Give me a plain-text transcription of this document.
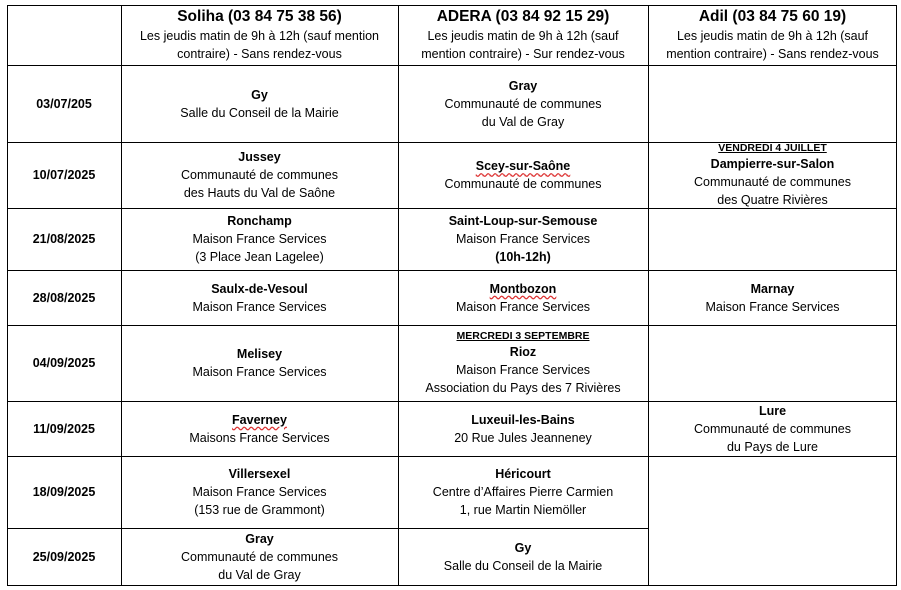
Soliha (03 84 75 38 56)
Les jeudis matin de 9h à 12h (sauf mention
contraire) - Sans rendez-vous
ADERA (03 84 92 15 29)
Les jeudis matin de 9h à 12h (sauf
mention contraire) - Sur rendez-vous
Adil (03 84 75 60 19)
Les jeudis matin de 9h à 12h (sauf
mention contraire) - Sans rendez-vous
03/07/205
Gy
Salle du Conseil de la Mairie
Gray
Communauté de communes
du Val de Gray
10/07/2025
Jussey
Communauté de communes
des Hauts du Val de Saône
Scey-sur-Saône
Communauté de communes
VENDREDI 4 JUILLET
Dampierre-sur-Salon
Communauté de communes
des Quatre Rivières
21/08/2025
Ronchamp
Maison France Services
(3 Place Jean Lagelee)
Saint-Loup-sur-Semouse
Maison France Services
(10h-12h)
28/08/2025
Saulx-de-Vesoul
Maison France Services
Montbozon
Maison France Services
Marnay
Maison France Services
04/09/2025
Melisey
Maison France Services
MERCREDI 3 SEPTEMBRE
Rioz
Maison France Services
Association du Pays des 7 Rivières
11/09/2025
Faverney
Maisons France Services
Luxeuil-les-Bains
20 Rue Jules Jeanneney
Lure
Communauté de communes
du Pays de Lure
18/09/2025
Villersexel
Maison France Services
(153 rue de Grammont)
Héricourt
Centre d’Affaires Pierre Carmien
1, rue Martin Niemöller
25/09/2025
Gray
Communauté de communes
du Val de Gray
Gy
Salle du Conseil de la Mairie
